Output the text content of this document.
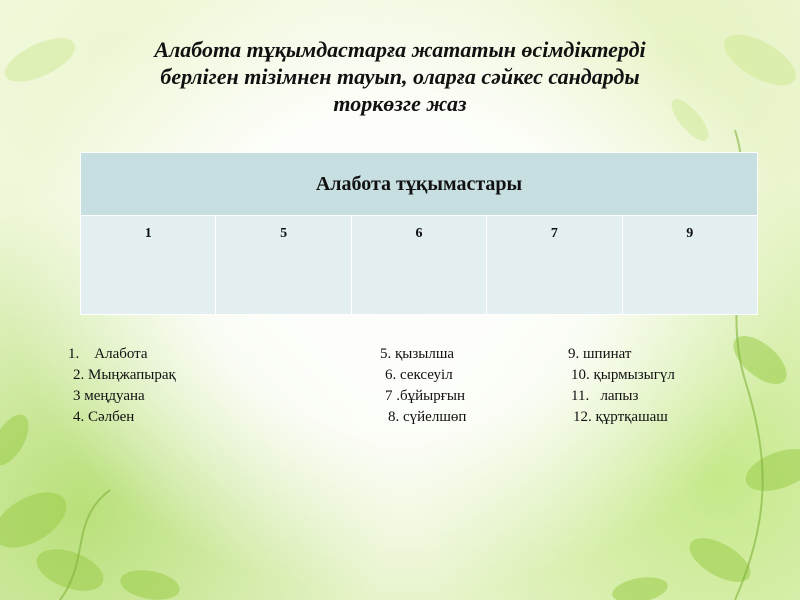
Алабота тұқымдастарға жататын өсімдіктерді
берліген тізімнен тауып, оларға сәйкес сандарды
торкөзге жаз
Алабота тұқымастары
1	5	6	7	9
1.    Алабота
2. Мыңжапырақ
3 меңдуана
4. Сәлбен
5. қызылша
6. сексеуіл
7 .бұйырғын
8. сүйелшөп
9. шпинат
10. қырмызыгүл
11.   лапыз
12. құртқашаш
